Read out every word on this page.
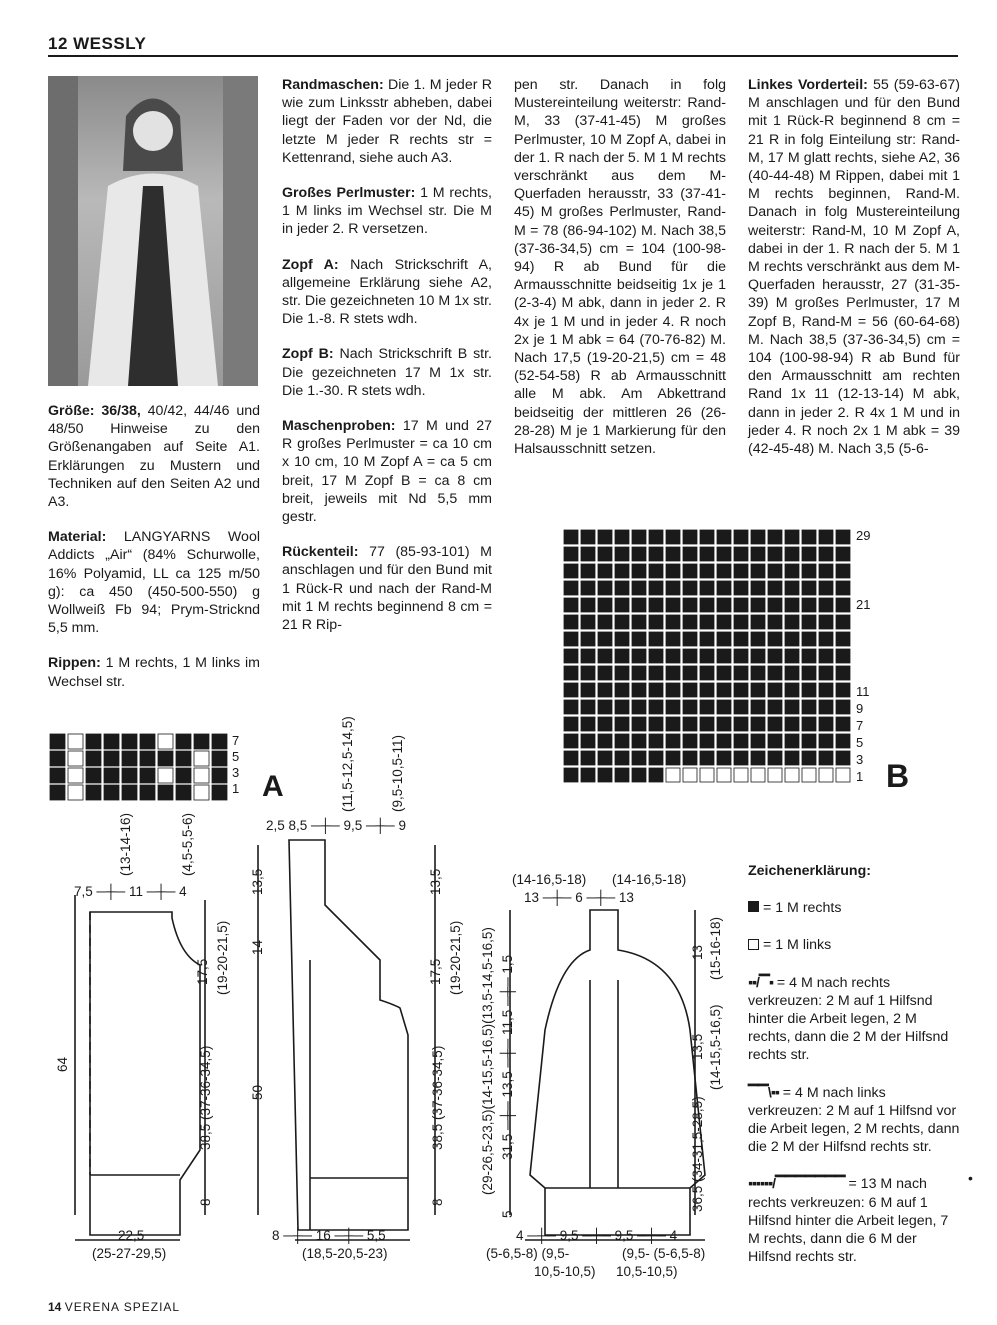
12 WESSLY

Größe: 36/38, 40/42, 44/46 und 48/50 Hinweise zu den Größenangaben auf Seite A1. Erklärungen zu Mustern und Techniken auf den Seiten A2 und A3.

Material: LANGYARNS Wool Addicts „Air“ (84% Schurwolle, 16% Polyamid, LL ca 125 m/50 g): ca 450 (450-500-550) g Wollweiß Fb 94; Prym-Stricknd 5,5 mm.

Rippen: 1 M rechts, 1 M links im Wechsel str.

Randmaschen: Die 1. M jeder R wie zum Linksstr abheben, dabei liegt der Faden vor der Nd, die letzte M jeder R rechts str = Kettenrand, siehe auch A3.

Großes Perlmuster: 1 M rechts, 1 M links im Wechsel str. Die M in jeder 2. R versetzen.

Zopf A: Nach Strickschrift A, allgemeine Erklärung siehe A2, str. Die gezeichneten 10 M 1x str. Die 1.-8. R stets wdh.

Zopf B: Nach Strickschrift B str. Die gezeichneten 17 M 1x str. Die 1.-30. R stets wdh.

Maschenproben: 17 M und 27 R großes Perlmuster = ca 10 cm x 10 cm, 10 M Zopf A = ca 5 cm breit, 17 M Zopf B = ca 8 cm breit, jeweils mit Nd 5,5 mm gestr.

Rückenteil: 77 (85-93-101) M anschlagen und für den Bund mit 1 Rück-R und nach der Rand-M mit 1 M rechts beginnend 8 cm = 21 R Rip-

pen str. Danach in folg Mustereinteilung weiterstr: Rand-M, 33 (37-41-45) M großes Perlmuster, 10 M Zopf A, dabei in der 1. R nach der 5. M 1 M rechts verschränkt aus dem M-Querfaden herausstr, 33 (37-41-45) M großes Perlmuster, Rand-M = 78 (86-94-102) M. Nach 38,5 (37-36-34,5) cm = 104 (100-98-94) R ab Bund für die Armausschnitte beidseitig 1x je 1 (2-3-4) M abk, dann in jeder 2. R 4x je 1 M und in jeder 4. R noch 2x je 1 M abk = 64 (70-76-82) M. Nach 17,5 (19-20-21,5) cm = 48 (52-54-58) R ab Armausschnitt alle M abk. Am Abkettrand beidseitig der mittleren 26 (26-28-28) M je 1 Markierung für den Halsausschnitt setzen.

Linkes Vorderteil: 55 (59-63-67) M anschlagen und für den Bund mit 1 Rück-R beginnend 8 cm = 21 R in folg Einteilung str: Rand-M, 17 M glatt rechts, siehe A2, 36 (40-44-48) M Rippen, dabei mit 1 M rechts beginnen, Rand-M. Danach in folg Mustereinteilung weiterstr: Rand-M, 10 M Zopf A, dabei in der 1. R nach der 5. M 1 M rechts verschränkt aus dem M-Querfaden herausstr, 27 (31-35-39) M großes Perlmuster, 17 M Zopf B, Rand-M = 56 (60-64-68) M. Nach 38,5 (37-36-34,5) cm = 104 (100-98-94) R ab Bund für den Armausschnitt am rechten Rand 1x 11 (12-13-14) M abk, dann in jeder 2. R 4x 1 M und in jeder 4. R noch 2x 1 M abk = 39 (42-45-48) M. Nach 3,5 (5-6-

7
5
3
1 A
29
21
11
9
7
5
3
1 B
7,5 ─┼─ 11 ─┼─ 4
(13-14-16)	(4,5-5,5-6)
64
17,5 (19-20-21,5)
38,5 (37-36-34,5)
8
22,5
(25-27-29,5)
2,5 8,5 ─┼─ 9,5 ─┼─ 9
(11,5-12,5-14,5)	(9,5-10,5-11)
13,5
14
50
13,5
17,5 (19-20-21,5)
38,5 (37-36-34,5)
8
8 ─┼─ 16 ─┼─ 5,5
(18,5-20,5-23)
(14-16,5-18) (14-16,5-18)
13 ─┼─ 6 ─┼─ 13
(29-26,5-23,5)(14-15,5-16,5)(13,5-14,5-16,5) 31,5 ─┼─ 13,5 ─┼─ 11,5 ─┼─ 1,5
5
13 (15-16-18)
13,5 (14-15,5-16,5)
36,5 (34-31,5-28,5)
4 ─┼─ 9,5 ─┼─ 9,5 ─┼─ 4
(5-6,5-8) (9,5-
10,5-10,5)
(9,5- (5-6,5-8)
10,5-10,5)

Zeichenerklärung:

= 1 M rechts

= 1 M links

▪▪/▔▪ = 4 M nach rechts verkreuzen: 2 M auf 1 Hilfsnd hinter die Arbeit legen, 2 M rechts, dann die 2 M der Hilfsnd rechts str.

▔▔\▪▪ = 4 M nach links verkreuzen: 2 M auf 1 Hilfsnd vor die Arbeit legen, 2 M rechts, dann die 2 M der Hilfsnd rechts str.

▪▪▪▪▪▪/▔▔▔▔▔▔▔ = 13 M nach rechts verkreuzen: 6 M auf 1 Hilfsnd hinter die Arbeit legen, 7 M rechts, dann die 6 M der Hilfsnd rechts str.

14 VERENA SPEZIAL
•
